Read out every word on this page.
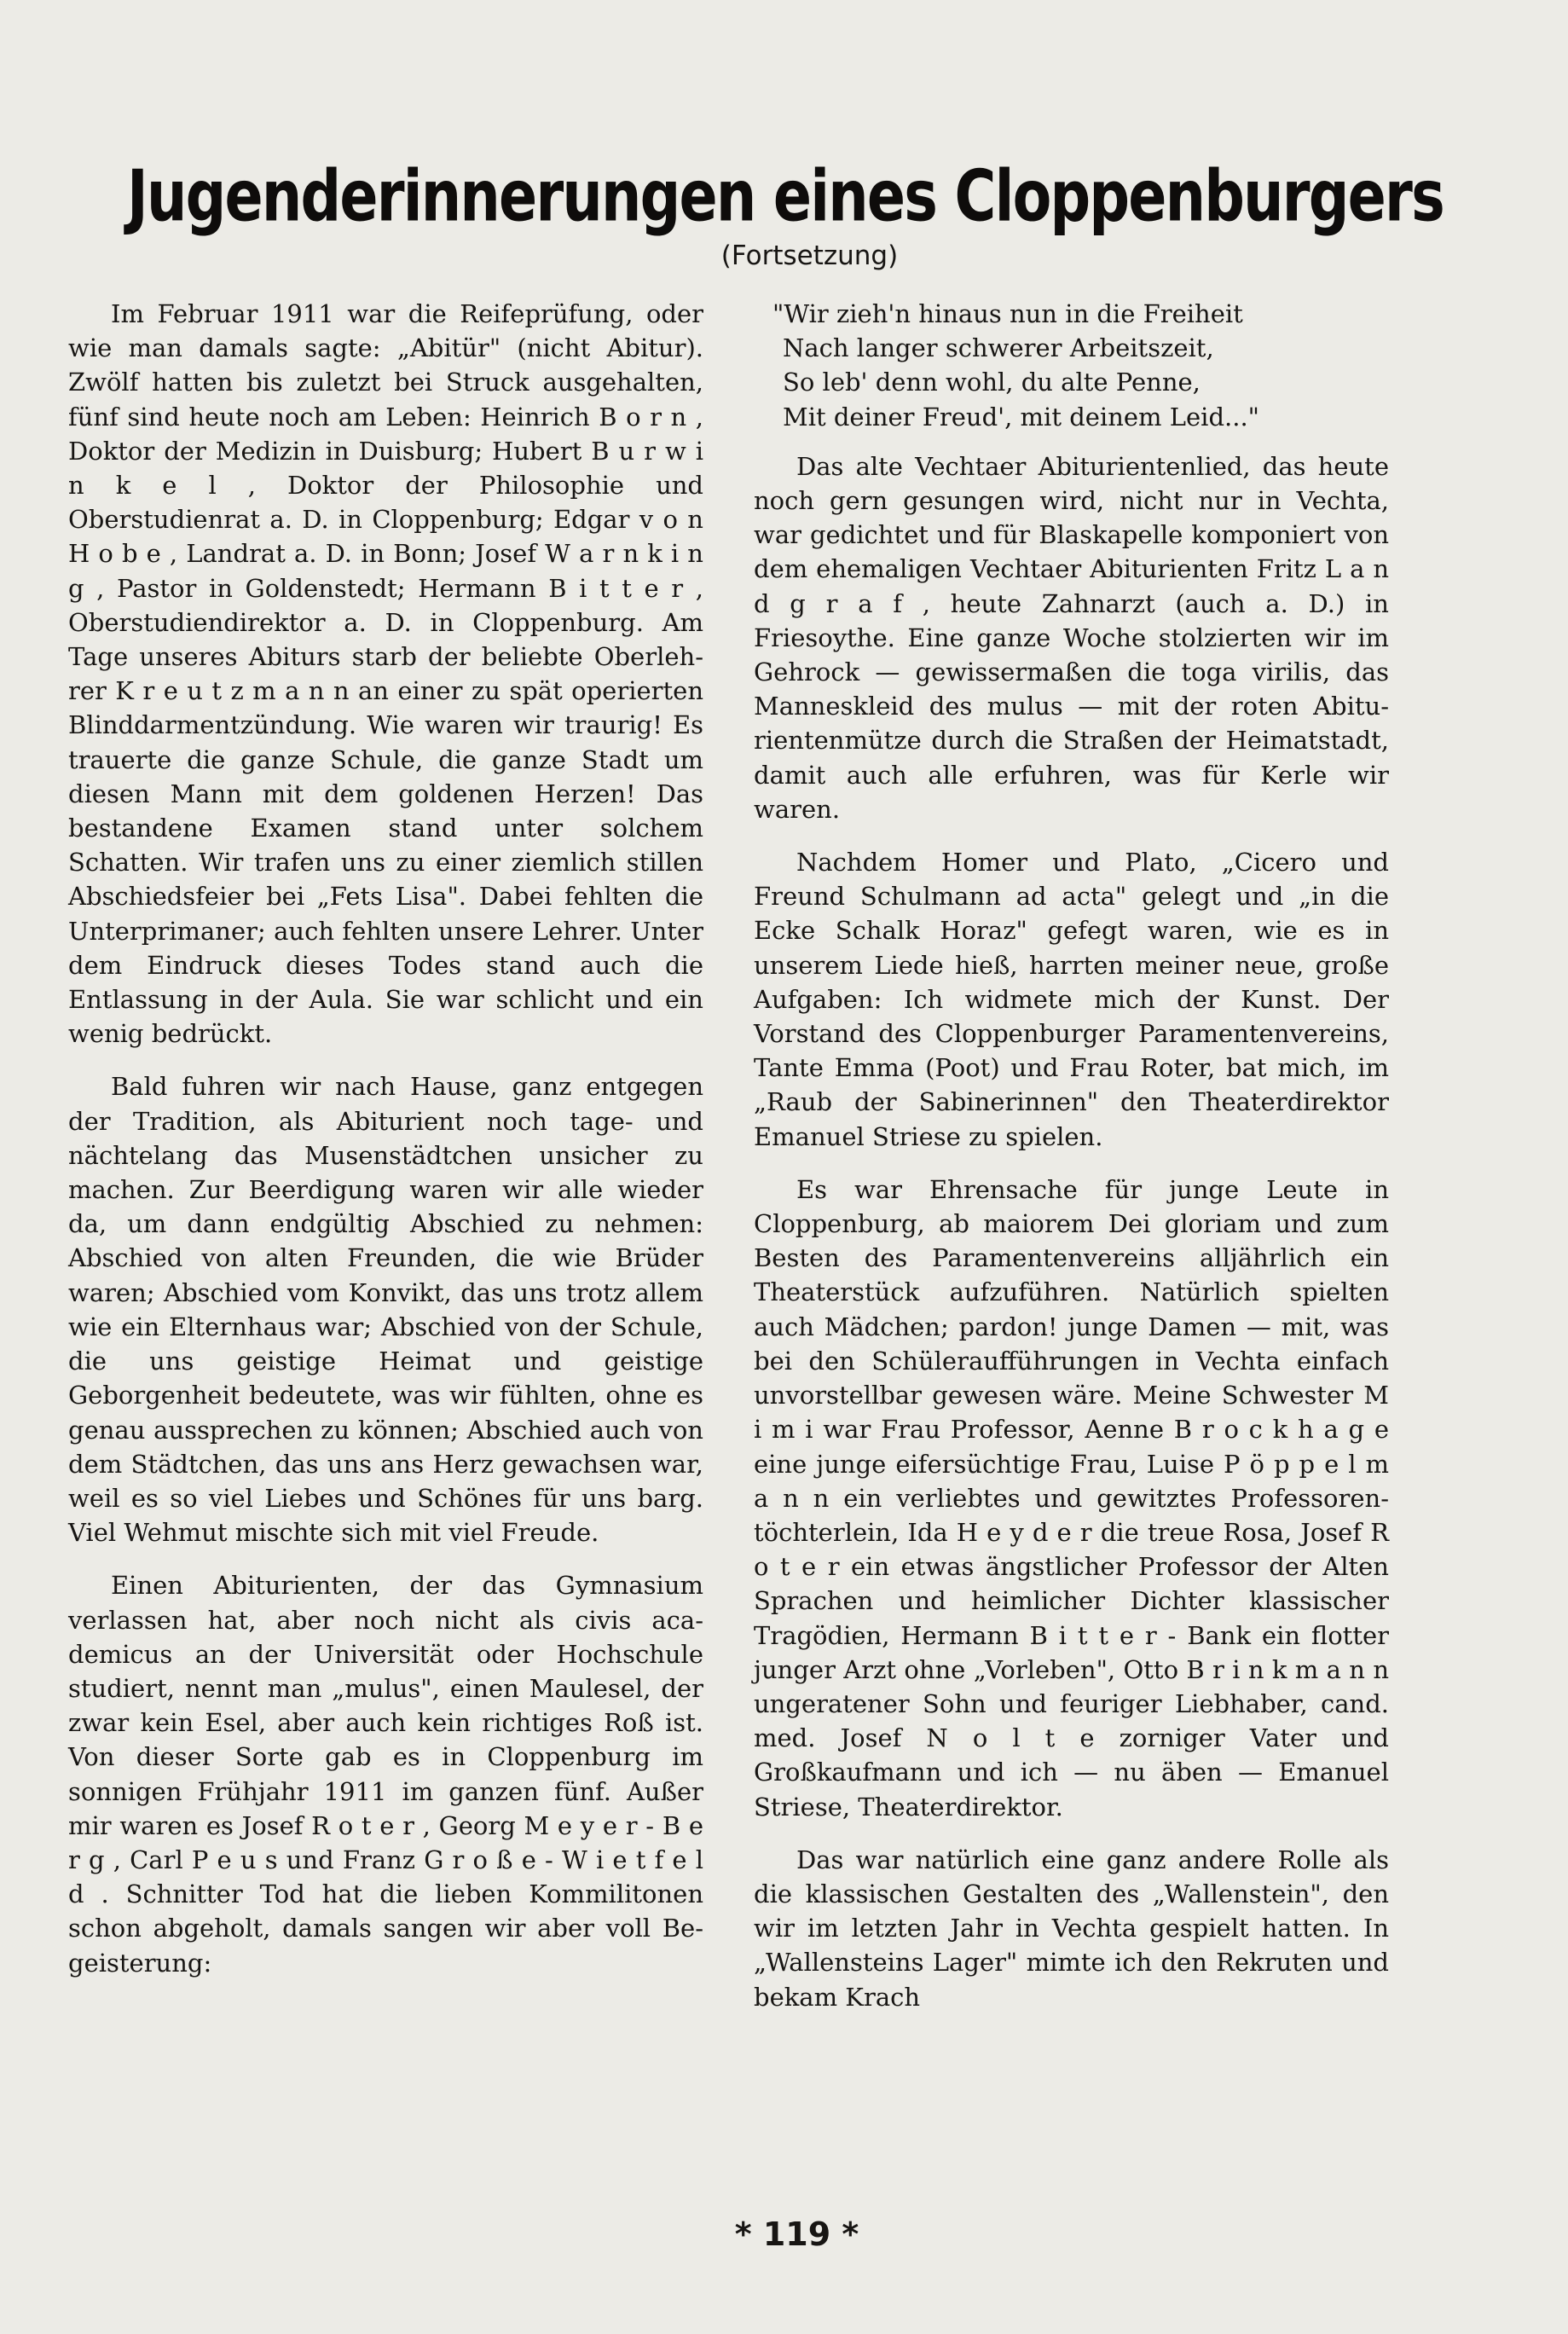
Jugenderinnerungen eines Cloppenburgers
(Fortsetzung)

Im Februar 1911 war die Reifeprüfung, oder wie man damals sagte: „Abitür" (nicht Abitur). Zwölf hatten bis zuletzt bei Struck ausgehalten, fünf sind heute noch am Leben: Heinrich B o r n , Doktor der Medizin in Duisburg; Hubert B u r w i n k e l , Doktor der Philosophie und Oberstudienrat a. D. in Cloppenburg; Edgar v o n H o b e , Landrat a. D. in Bonn; Josef W a r n k i n g , Pastor in Goldenstedt; Hermann B i t t e r , Oberstudiendirektor a. D. in Cloppenburg. Am Tage unseres Abiturs starb der beliebte Oberlehrer K r e u t z m a n n an einer zu spät operierten Blinddarmentzündung. Wie waren wir traurig! Es trauerte die ganze Schule, die ganze Stadt um diesen Mann mit dem goldenen Herzen! Das bestandene Examen stand unter solchem Schatten. Wir trafen uns zu einer ziemlich stillen Abschiedsfeier bei „Fets Lisa". Dabei fehlten die Unterprimaner; auch fehlten unsere Lehrer. Unter dem Eindruck dieses Todes stand auch die Entlassung in der Aula. Sie war schlicht und ein wenig bedrückt.

Bald fuhren wir nach Hause, ganz entgegen der Tradition, als Abiturient noch tage- und nächtelang das Musenstädtchen unsicher zu machen. Zur Beerdigung waren wir alle wieder da, um dann endgültig Abschied zu nehmen: Abschied von alten Freunden, die wie Brüder waren; Abschied vom Konvikt, das uns trotz allem wie ein Elternhaus war; Abschied von der Schule, die uns geistige Heimat und geistige Geborgenheit bedeutete, was wir fühlten, ohne es genau aussprechen zu können; Abschied auch von dem Städtchen, das uns ans Herz gewachsen war, weil es so viel Liebes und Schönes für uns barg. Viel Wehmut mischte sich mit viel Freude.

Einen Abiturienten, der das Gymnasium verlassen hat, aber noch nicht als civis academicus an der Universität oder Hochschule studiert, nennt man „mulus", einen Maulesel, der zwar kein Esel, aber auch kein richtiges Roß ist. Von dieser Sorte gab es in Cloppenburg im sonnigen Frühjahr 1911 im ganzen fünf. Außer mir waren es Josef R o t e r , Georg M e y e r - B e r g , Carl P e u s und Franz G r o ß e - W i e t f e l d . Schnitter Tod hat die lieben Kommilitonen schon abgeholt, damals sangen wir aber voll Begeisterung:

"Wir zieh'n hinaus nun in die Freiheit
Nach langer schwerer Arbeitszeit,
So leb' denn wohl, du alte Penne,
Mit deiner Freud', mit deinem Leid..."

Das alte Vechtaer Abiturientenlied, das heute noch gern gesungen wird, nicht nur in Vechta, war gedichtet und für Blaskapelle komponiert von dem ehemaligen Vechtaer Abiturienten Fritz L a n d g r a f , heute Zahnarzt (auch a. D.) in Friesoythe. Eine ganze Woche stolzierten wir im Gehrock — gewissermaßen die toga virilis, das Manneskleid des mulus — mit der roten Abiturientenmütze durch die Straßen der Heimatstadt, damit auch alle erfuhren, was für Kerle wir waren.

Nachdem Homer und Plato, „Cicero und Freund Schulmann ad acta" gelegt und „in die Ecke Schalk Horaz" gefegt waren, wie es in unserem Liede hieß, harrten meiner neue, große Aufgaben: Ich widmete mich der Kunst. Der Vorstand des Cloppenburger Paramentenvereins, Tante Emma (Poot) und Frau Roter, bat mich, im „Raub der Sabinerinnen" den Theaterdirektor Emanuel Striese zu spielen.

Es war Ehrensache für junge Leute in Cloppenburg, ab maiorem Dei gloriam und zum Besten des Paramentenvereins alljährlich ein Theaterstück aufzuführen. Natürlich spielten auch Mädchen; pardon! junge Damen — mit, was bei den Schüleraufführungen in Vechta einfach unvorstellbar gewesen wäre. Meine Schwester M i m i war Frau Professor, Aenne B r o c k h a g e eine junge eifersüchtige Frau, Luise P ö p p e l m a n n ein verliebtes und gewitztes Professorentöchterlein, Ida H e y d e r die treue Rosa, Josef R o t e r ein etwas ängstlicher Professor der Alten Sprachen und heimlicher Dichter klassischer Tragödien, Hermann B i t t e r - Bank ein flotter junger Arzt ohne „Vorleben", Otto B r i n k m a n n ungeratener Sohn und feuriger Liebhaber, cand. med. Josef N o l t e zorniger Vater und Großkaufmann und ich — nu äben — Emanuel Striese, Theaterdirektor.

Das war natürlich eine ganz andere Rolle als die klassischen Gestalten des „Wallenstein", den wir im letzten Jahr in Vechta gespielt hatten. In „Wallensteins Lager" mimte ich den Rekruten und bekam Krach

* 119 *
